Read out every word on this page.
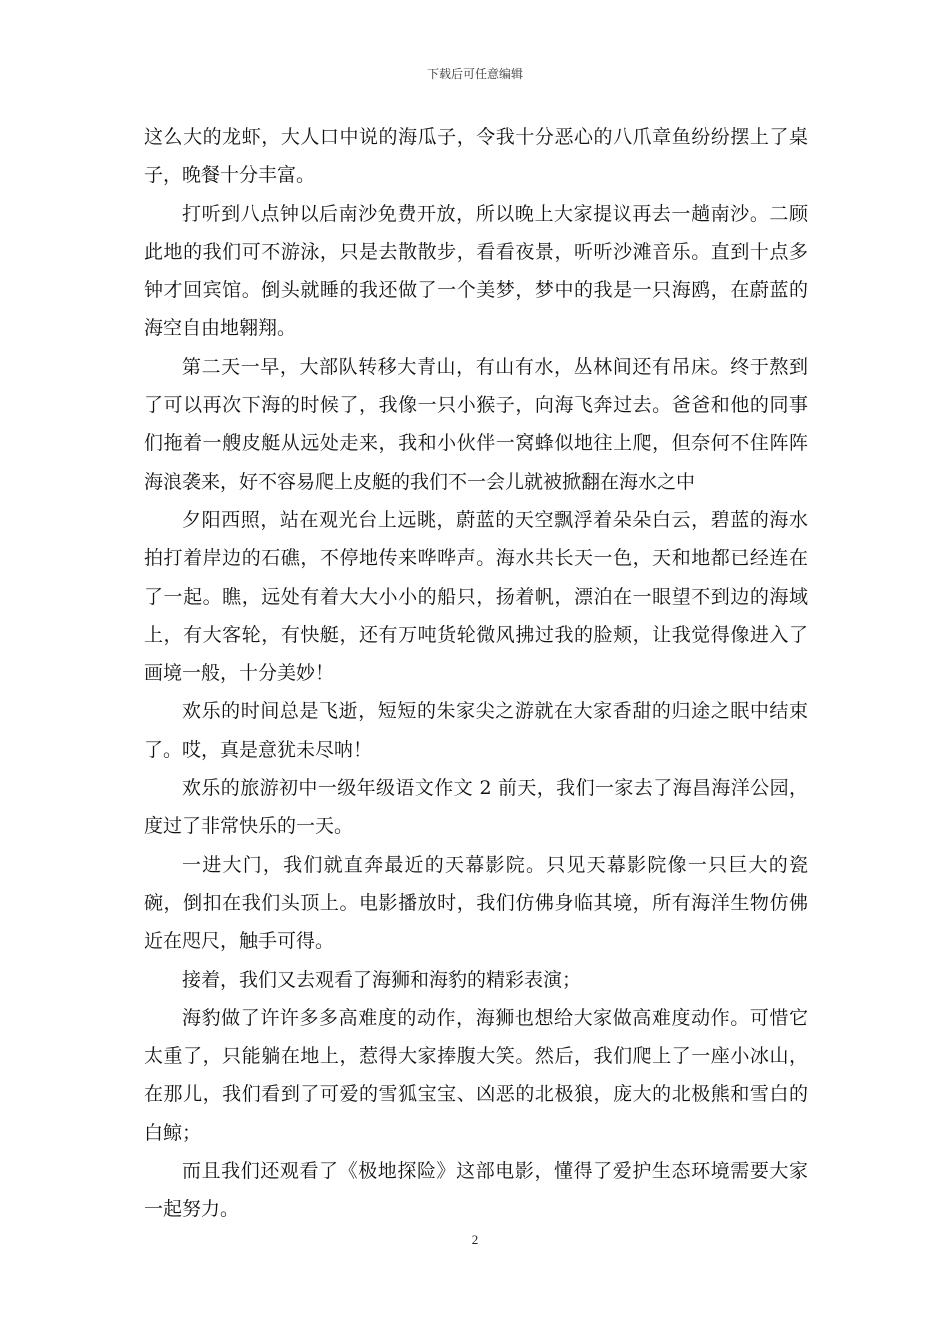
下载后可任意编辑

这么大的龙虾，大人口中说的海瓜子，令我十分恶心的八爪章鱼纷纷摆上了桌子，晚餐十分丰富。

打听到八点钟以后南沙免费开放，所以晚上大家提议再去一趟南沙。二顾此地的我们可不游泳，只是去散散步，看看夜景，听听沙滩音乐。直到十点多钟才回宾馆。倒头就睡的我还做了一个美梦，梦中的我是一只海鸥，在蔚蓝的海空自由地翱翔。

第二天一早，大部队转移大青山，有山有水，丛林间还有吊床。终于熬到了可以再次下海的时候了，我像一只小猴子，向海飞奔过去。爸爸和他的同事们拖着一艘皮艇从远处走来，我和小伙伴一窝蜂似地往上爬，但奈何不住阵阵海浪袭来，好不容易爬上皮艇的我们不一会儿就被掀翻在海水之中

夕阳西照，站在观光台上远眺，蔚蓝的天空飘浮着朵朵白云，碧蓝的海水拍打着岸边的石礁，不停地传来哗哗声。海水共长天一色，天和地都已经连在了一起。瞧，远处有着大大小小的船只，扬着帆，漂泊在一眼望不到边的海域上，有大客轮，有快艇，还有万吨货轮微风拂过我的脸颊，让我觉得像进入了画境一般，十分美妙！

欢乐的时间总是飞逝，短短的朱家尖之游就在大家香甜的归途之眠中结束了。哎，真是意犹未尽呐！

欢乐的旅游初中一级年级语文作文 2 前天，我们一家去了海昌海洋公园，度过了非常快乐的一天。

一进大门，我们就直奔最近的天幕影院。只见天幕影院像一只巨大的瓷碗，倒扣在我们头顶上。电影播放时，我们仿佛身临其境，所有海洋生物仿佛近在咫尺，触手可得。

接着，我们又去观看了海狮和海豹的精彩表演；

海豹做了许许多多高难度的动作，海狮也想给大家做高难度动作。可惜它太重了，只能躺在地上，惹得大家捧腹大笑。然后，我们爬上了一座小冰山，在那儿，我们看到了可爱的雪狐宝宝、凶恶的北极狼，庞大的北极熊和雪白的白鲸；

而且我们还观看了《极地探险》这部电影，懂得了爱护生态环境需要大家一起努力。

2
